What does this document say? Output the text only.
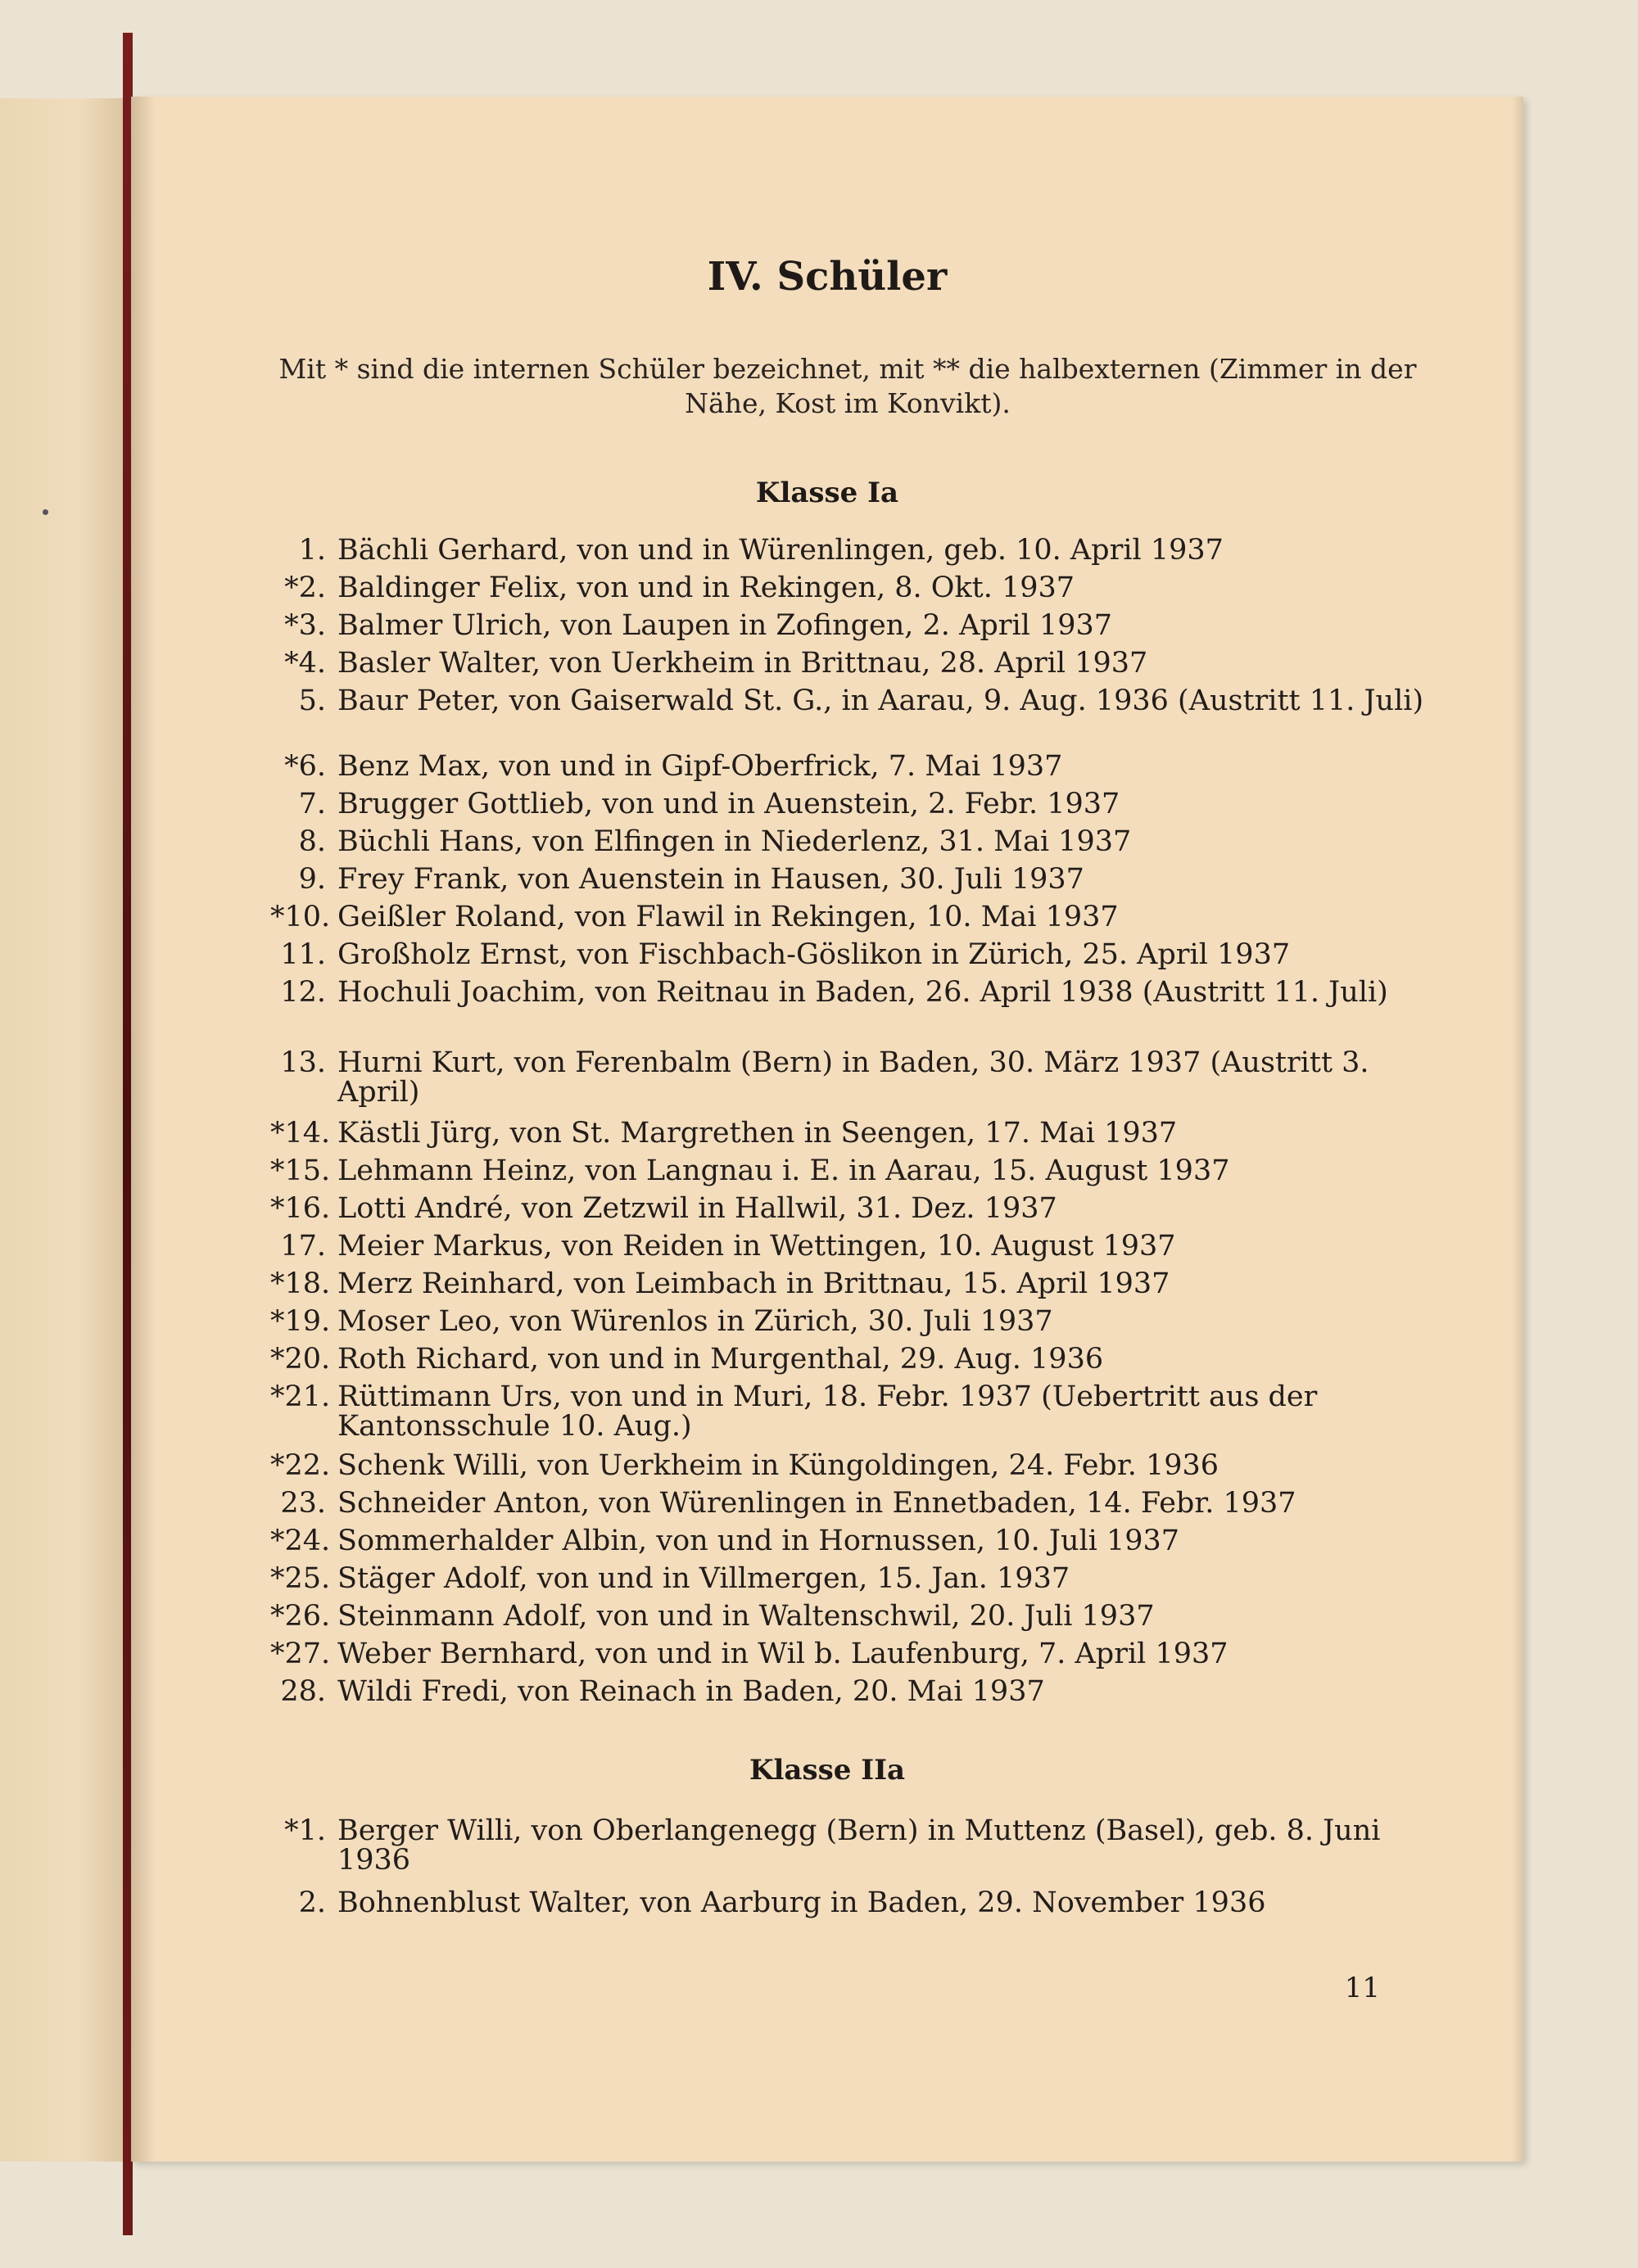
IV. Schüler

Mit * sind die internen Schüler bezeichnet, mit ** die halbexternen (Zimmer in der Nähe, Kost im Konvikt).

Klasse Ia
1. Bächli Gerhard, von und in Würenlingen, geb. 10. April 1937
*2. Baldinger Felix, von und in Rekingen, 8. Okt. 1937
*3. Balmer Ulrich, von Laupen in Zofingen, 2. April 1937
*4. Basler Walter, von Uerkheim in Brittnau, 28. April 1937
5. Baur Peter, von Gaiserwald St. G., in Aarau, 9. Aug. 1936 (Austritt 11. Juli)
*6. Benz Max, von und in Gipf-Oberfrick, 7. Mai 1937
7. Brugger Gottlieb, von und in Auenstein, 2. Febr. 1937
8. Büchli Hans, von Elfingen in Niederlenz, 31. Mai 1937
9. Frey Frank, von Auenstein in Hausen, 30. Juli 1937
*10. Geißler Roland, von Flawil in Rekingen, 10. Mai 1937
11. Großholz Ernst, von Fischbach-Göslikon in Zürich, 25. April 1937
12. Hochuli Joachim, von Reitnau in Baden, 26. April 1938 (Austritt 11. Juli)
13. Hurni Kurt, von Ferenbalm (Bern) in Baden, 30. März 1937 (Austritt 3. April)
*14. Kästli Jürg, von St. Margrethen in Seengen, 17. Mai 1937
*15. Lehmann Heinz, von Langnau i. E. in Aarau, 15. August 1937
*16. Lotti André, von Zetzwil in Hallwil, 31. Dez. 1937
17. Meier Markus, von Reiden in Wettingen, 10. August 1937
*18. Merz Reinhard, von Leimbach in Brittnau, 15. April 1937
*19. Moser Leo, von Würenlos in Zürich, 30. Juli 1937
*20. Roth Richard, von und in Murgenthal, 29. Aug. 1936
*21. Rüttimann Urs, von und in Muri, 18. Febr. 1937 (Uebertritt aus der Kantonsschule 10. Aug.)
*22. Schenk Willi, von Uerkheim in Küngoldingen, 24. Febr. 1936
23. Schneider Anton, von Würenlingen in Ennetbaden, 14. Febr. 1937
*24. Sommerhalder Albin, von und in Hornussen, 10. Juli 1937
*25. Stäger Adolf, von und in Villmergen, 15. Jan. 1937
*26. Steinmann Adolf, von und in Waltenschwil, 20. Juli 1937
*27. Weber Bernhard, von und in Wil b. Laufenburg, 7. April 1937
28. Wildi Fredi, von Reinach in Baden, 20. Mai 1937
Klasse IIa
*1. Berger Willi, von Oberlangenegg (Bern) in Muttenz (Basel), geb. 8. Juni 1936
2. Bohnenblust Walter, von Aarburg in Baden, 29. November 1936
11
